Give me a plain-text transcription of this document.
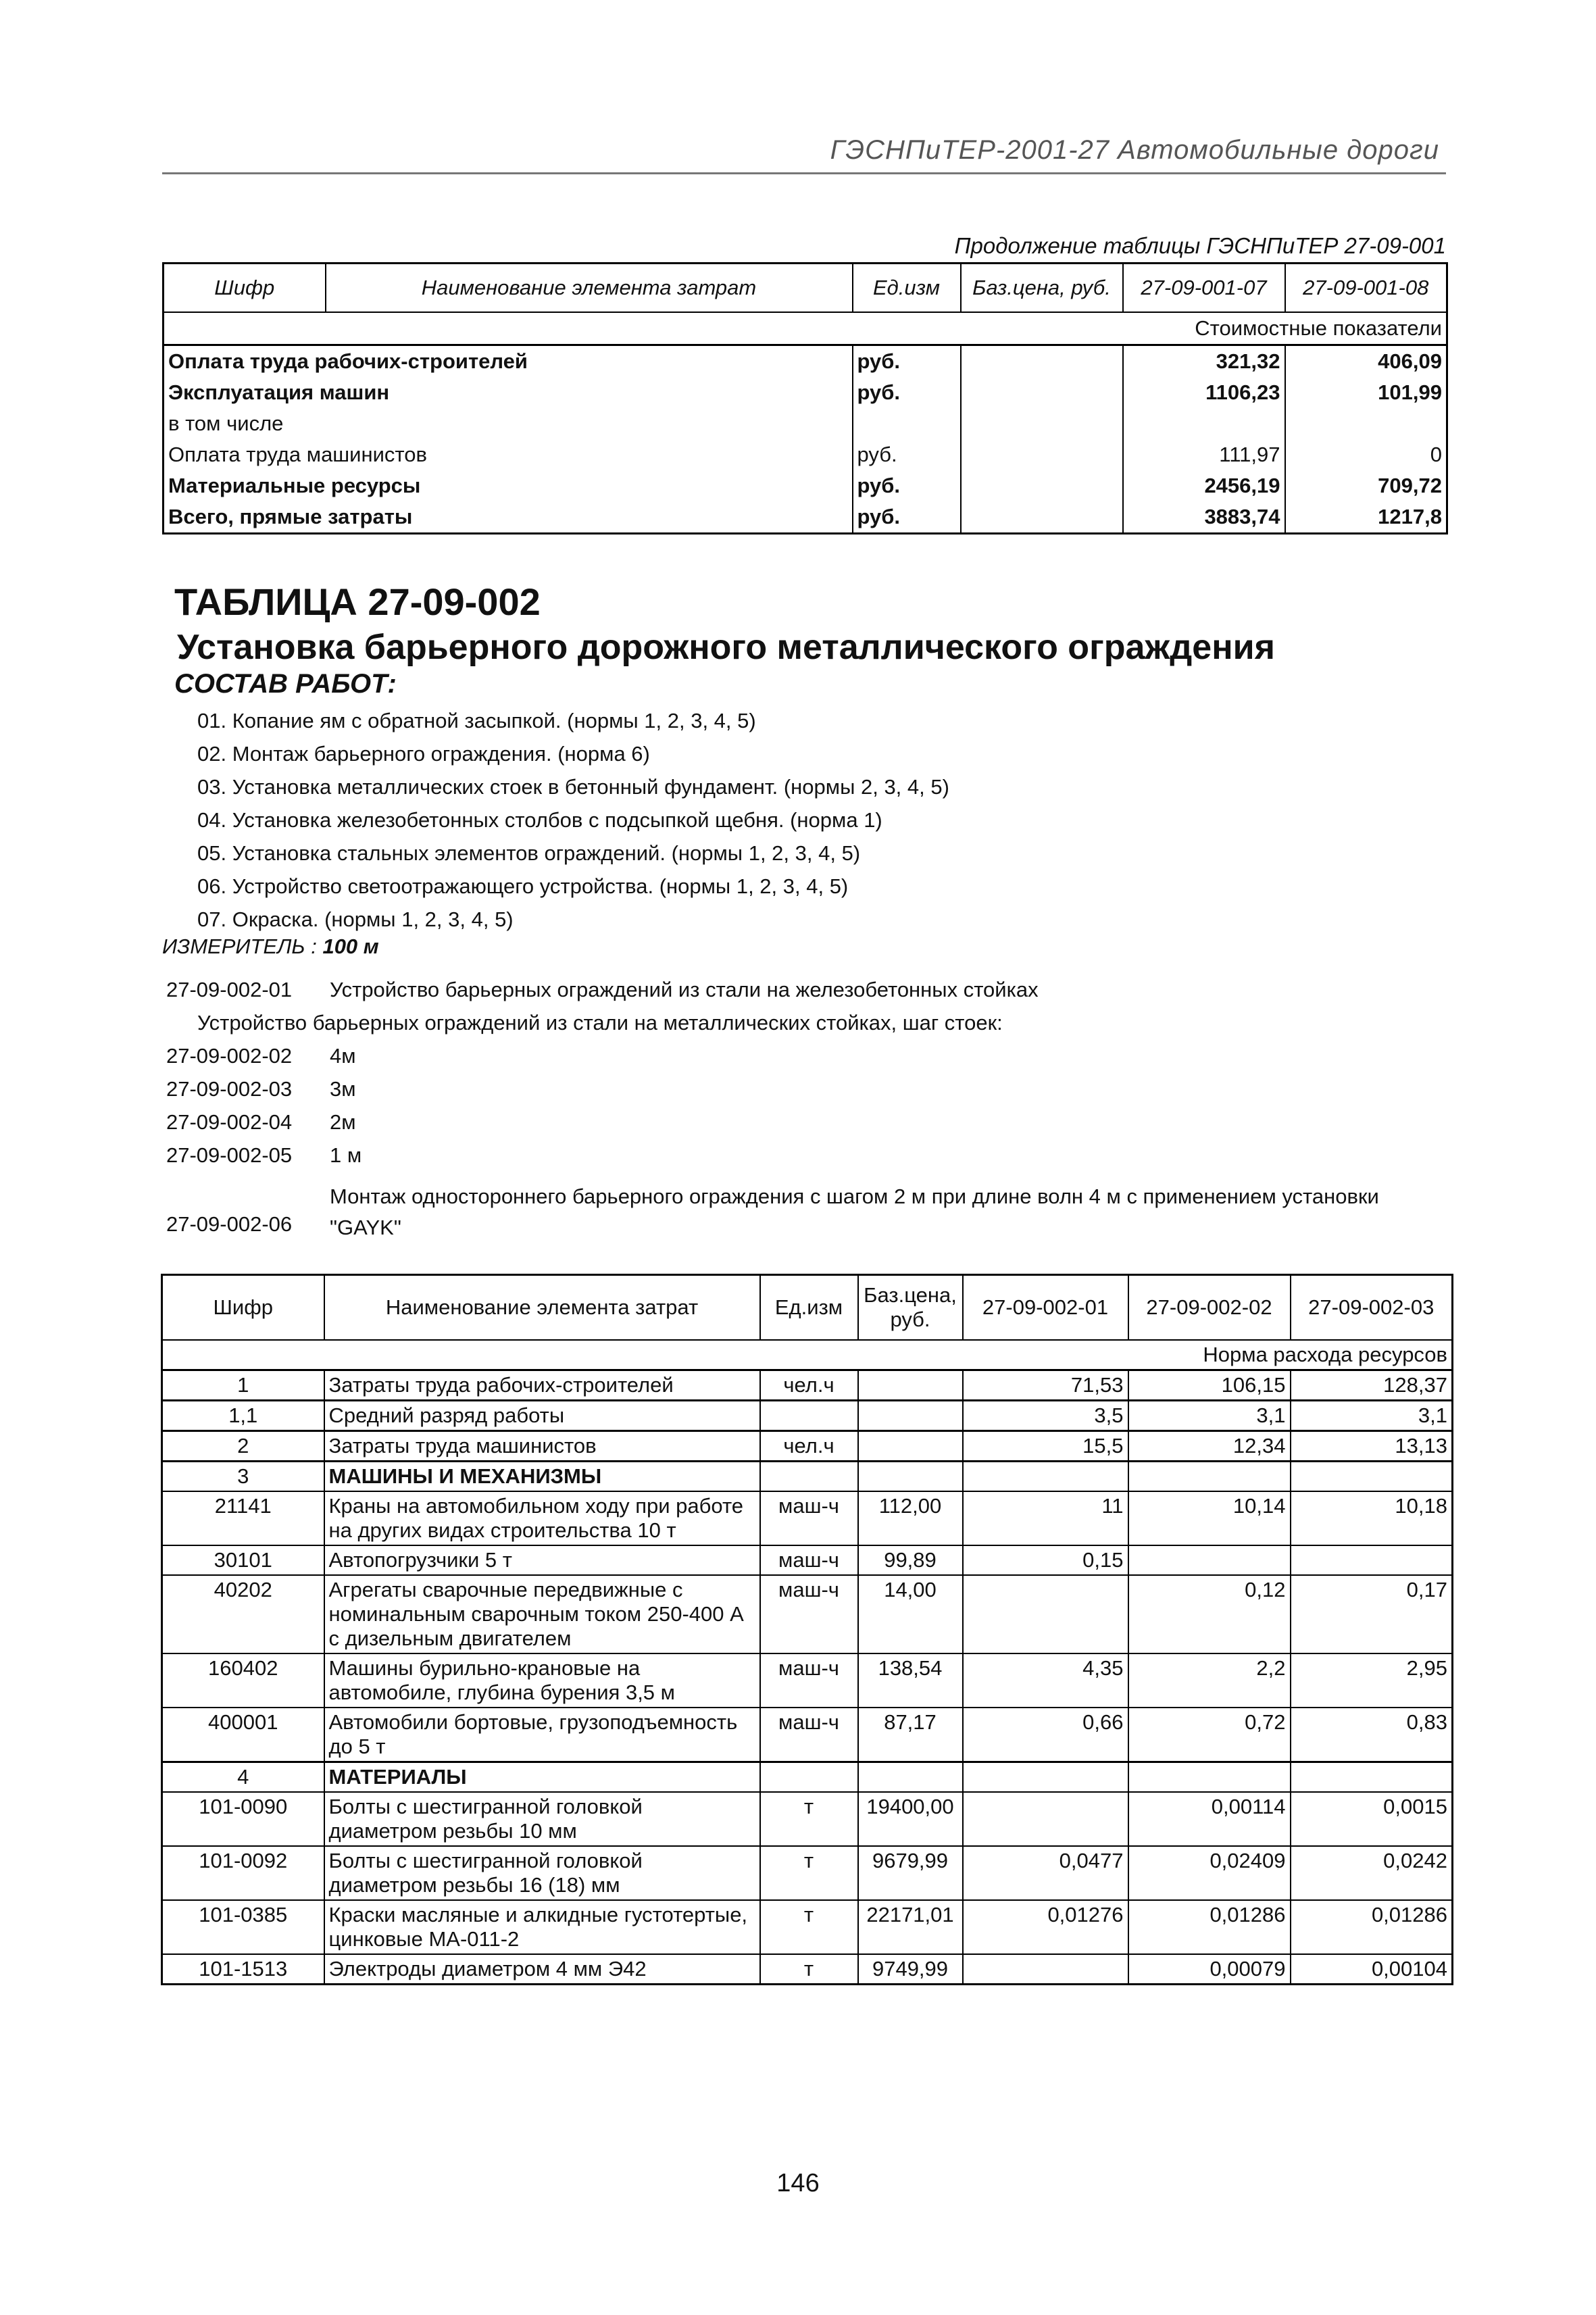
ГЭСНПиТЕР-2001-27 Автомобильные дороги
Продолжение таблицы ГЭСНПиТЕР 27-09-001
Шифр	Наименование элемента затрат	Ед.изм	Баз.цена, руб.	27-09-001-07	27-09-001-08
Стоимостные показатели
Оплата труда рабочих-строителей	руб.		321,32	406,09
Эксплуатация машин	руб.		1106,23	101,99
в том числе				
Оплата труда машинистов	руб.		111,97	0
Материальные ресурсы	руб.		2456,19	709,72
Всего, прямые затраты	руб.		3883,74	1217,8
ТАБЛИЦА 27-09-002
Установка барьерного дорожного металлического ограждения
СОСТАВ РАБОТ:
01. Копание ям с обратной засыпкой. (нормы 1, 2, 3, 4, 5)
02. Монтаж барьерного ограждения. (норма 6)
03. Установка металлических стоек в бетонный фундамент. (нормы 2, 3, 4, 5)
04. Установка железобетонных столбов с подсыпкой щебня. (норма 1)
05. Установка стальных элементов ограждений. (нормы 1, 2, 3, 4, 5)
06. Устройство светоотражающего устройства. (нормы 1, 2, 3, 4, 5)
07. Окраска. (нормы 1, 2, 3, 4, 5)
ИЗМЕРИТЕЛЬ : 100 м
27-09-002-01 Устройство барьерных ограждений из стали на железобетонных стойках
Устройство барьерных ограждений из стали на металлических стойках, шаг стоек:
27-09-002-02 4м
27-09-002-03 3м
27-09-002-04 2м
27-09-002-05 1 м
Монтаж одностороннего барьерного ограждения с шагом 2 м при длине волн 4 м с применением установки "GAYK"
27-09-002-06
Шифр	Наименование элемента затрат	Ед.изм	Баз.цена, руб.	27-09-002-01	27-09-002-02	27-09-002-03
Норма расхода ресурсов						
1	Затраты труда рабочих-строителей	чел.ч		71,53	106,15	128,37
1,1	Средний разряд работы			3,5	3,1	3,1
2	Затраты труда машинистов	чел.ч		15,5	12,34	13,13
3	МАШИНЫ И МЕХАНИЗМЫ					
21141	Краны на автомобильном ходу при работе на других видах строительства 10 т	маш-ч	112,00	11	10,14	10,18
30101	Автопогрузчики 5 т	маш-ч	99,89	0,15		
40202	Агрегаты сварочные передвижные с номинальным сварочным током 250-400 А с дизельным двигателем	маш-ч	14,00		0,12	0,17
160402	Машины бурильно-крановые на автомобиле, глубина бурения 3,5 м	маш-ч	138,54	4,35	2,2	2,95
400001	Автомобили бортовые, грузоподъемность до 5 т	маш-ч	87,17	0,66	0,72	0,83
4	МАТЕРИАЛЫ					
101-0090	Болты с шестигранной головкой диаметром резьбы 10 мм	т	19400,00		0,00114	0,0015
101-0092	Болты с шестигранной головкой диаметром резьбы 16 (18) мм	т	9679,99	0,0477	0,02409	0,0242
101-0385	Краски масляные и алкидные густотертые, цинковые МА-011-2	т	22171,01	0,01276	0,01286	0,01286
101-1513	Электроды диаметром 4 мм Э42	т	9749,99		0,00079	0,00104
146
